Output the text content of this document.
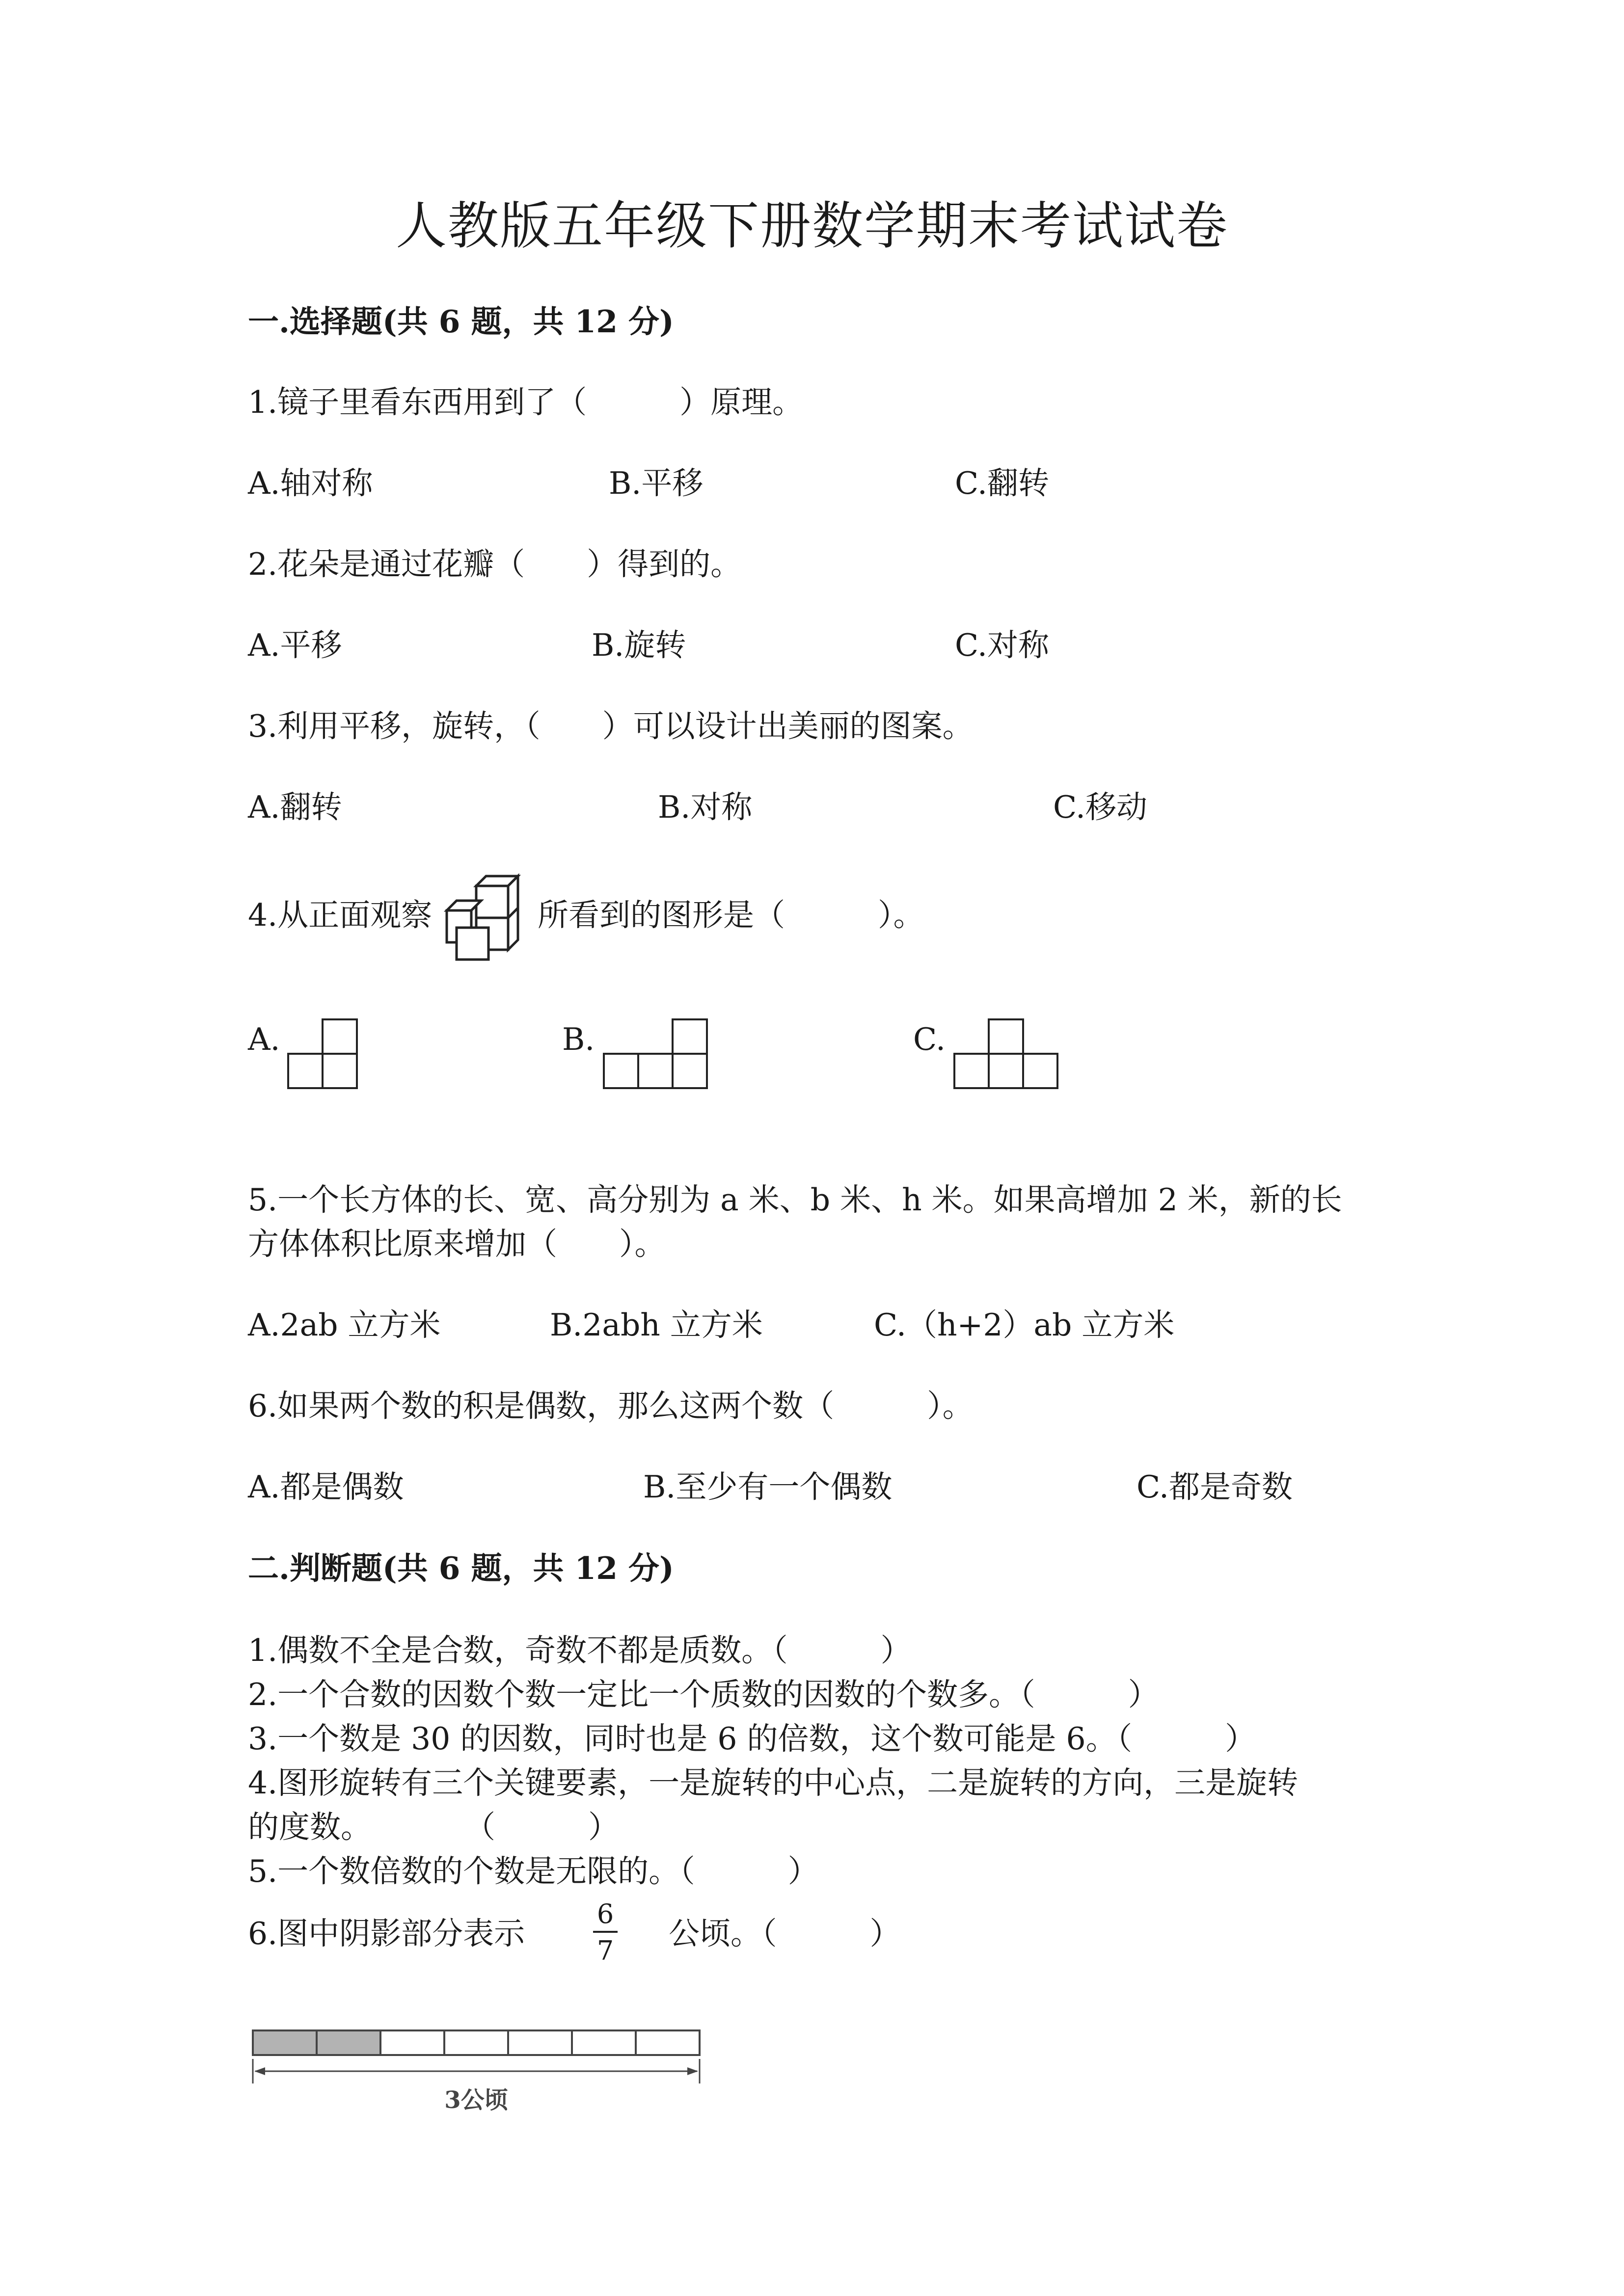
人教版五年级下册数学期末考试试卷
一.选择题(共 6 题，共 12 分)
1.镜子里看东西用到了（　　　）原理。
A.轴对称	B.平移	C.翻转
2.花朵是通过花瓣（　　）得到的。
A.平移	B.旋转	C.对称
3.利用平移，旋转，（　　）可以设计出美丽的图案。
A.翻转	B.对称	C.移动
4.从正面观察	所看到的图形是（　　　）。
A.	B.	C.
5.一个长方体的长、宽、高分别为 a 米、b 米、h 米。如果高增加 2 米，新的长
方体体积比原来增加（　　）。
A.2ab 立方米	B.2abh 立方米	C.（h+2）ab 立方米
6.如果两个数的积是偶数，那么这两个数（　　　）。
A.都是偶数	B.至少有一个偶数	C.都是奇数
二.判断题(共 6 题，共 12 分)
1.偶数不全是合数，奇数不都是质数。（　　　）
2.一个合数的因数个数一定比一个质数的因数的个数多。（　　　）
3.一个数是 30 的因数，同时也是 6 的倍数，这个数可能是 6。（　　　）
4.图形旋转有三个关键要素，一是旋转的中心点，二是旋转的方向，三是旋转
的度数。　　　　（　　　）
5.一个数倍数的个数是无限的。（　　　）
6.图中阴影部分表示
6
7 公顷。（　　　）
3公顷
